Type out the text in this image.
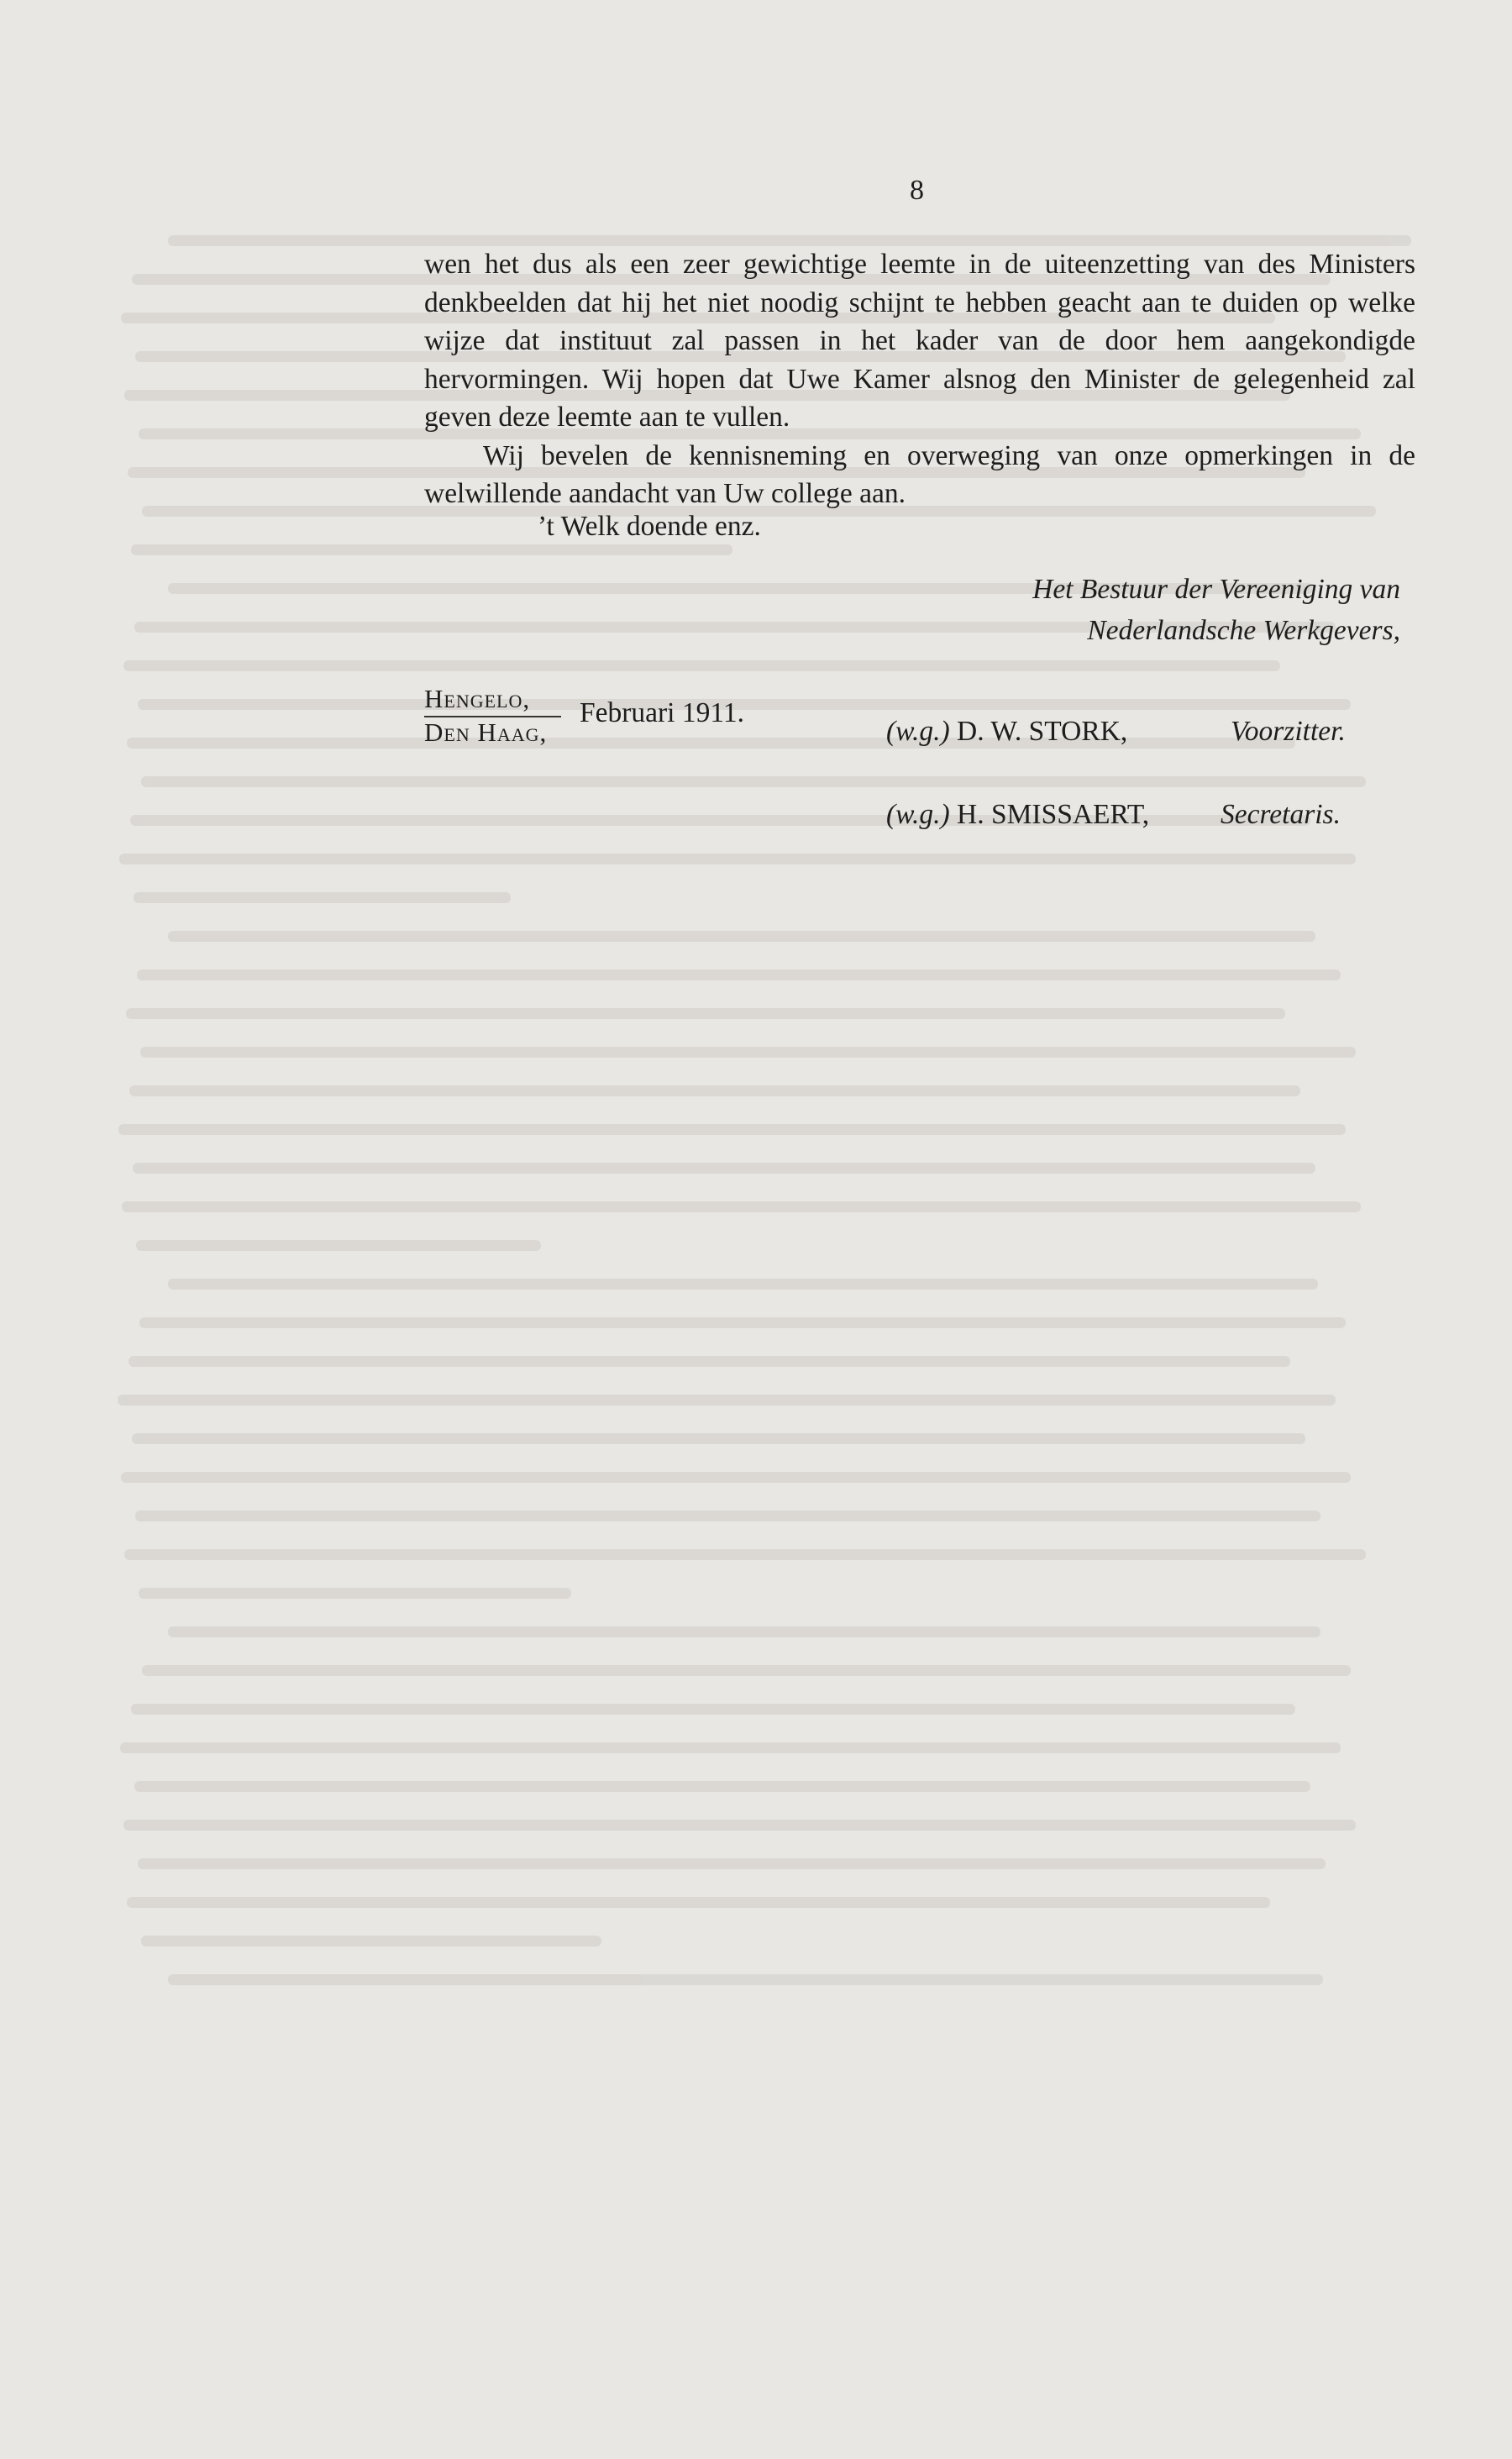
8

wen het dus als een zeer gewichtige leemte in de uiteenzetting van des Ministers denkbeelden dat hij het niet noodig schijnt te hebben geacht aan te duiden op welke wijze dat instituut zal passen in het kader van de door hem aangekondigde hervormingen. Wij hopen dat Uwe Kamer alsnog den Minister de gelegenheid zal geven deze leemte aan te vullen.

Wij bevelen de kennisneming en overweging van onze opmerkingen in de welwillende aandacht van Uw college aan.

’t Welk doende enz.
Het Bestuur der Vereeniging van
Nederlandsche Werkgevers,
Hengelo,
Den Haag,
Februari 1911.
(w.g.) D. W. STORK,	Voorzitter.
(w.g.) H. SMISSAERT,	Secretaris.
